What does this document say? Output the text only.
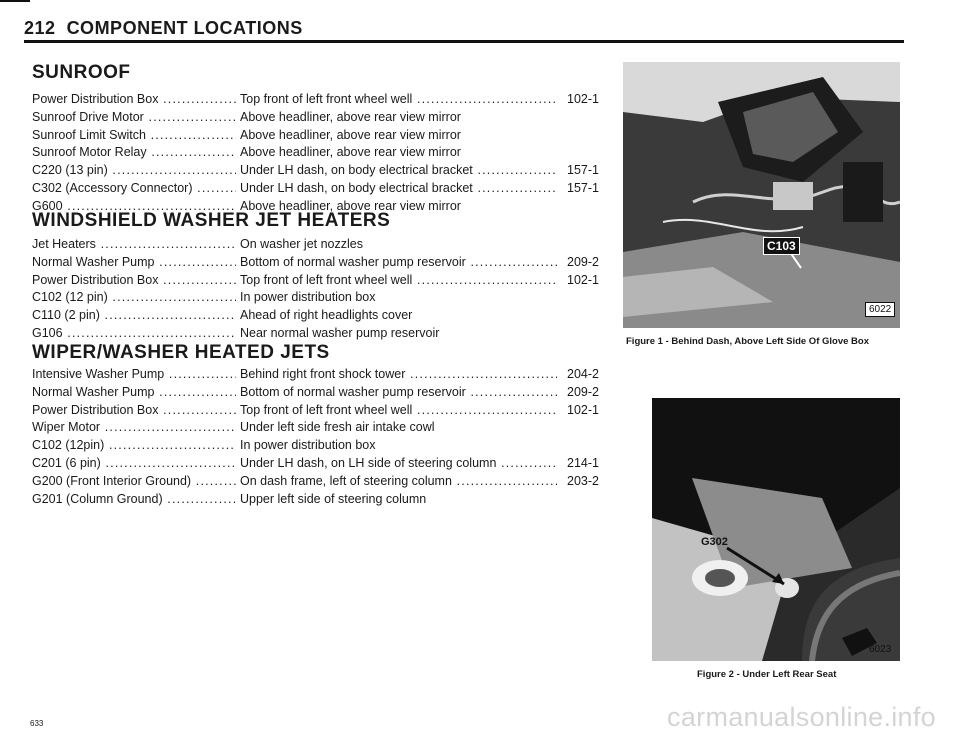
212 COMPONENT LOCATIONS
SUNROOF
Power Distribution Box .....	Top front of left front wheel well .....	102-1
Sunroof Drive Motor .....	Above headliner, above rear view mirror
Sunroof Limit Switch .....	Above headliner, above rear view mirror
Sunroof Motor Relay .....	Above headliner, above rear view mirror
C220 (13 pin) .....	Under LH dash, on body electrical bracket .....	157-1
C302 (Accessory Connector) .....	Under LH dash, on body electrical bracket .....	157-1
G600 .....	Above headliner, above rear view mirror
WINDSHIELD WASHER JET HEATERS
Jet Heaters .....	On washer jet nozzles
Normal Washer Pump .....	Bottom of normal washer pump reservoir .....	209-2
Power Distribution Box .....	Top front of left front wheel well .....	102-1
C102 (12 pin) .....	In power distribution box
C110 (2 pin) .....	Ahead of right headlights cover
G106 .....	Near normal washer pump reservoir
WIPER/WASHER HEATED JETS
Intensive Washer Pump .....	Behind right front shock tower .....	204-2
Normal Washer Pump .....	Bottom of normal washer pump reservoir .....	209-2
Power Distribution Box .....	Top front of left front wheel well .....	102-1
Wiper Motor .....	Under left side fresh air intake cowl
C102 (12pin) .....	In power distribution box
C201 (6 pin) .....	Under LH dash, on LH side of steering column .....	214-1
G200 (Front Interior Ground) .....	On dash frame, left of steering column .....	203-2
G201 (Column Ground) .....	Upper left side of steering column
C103
6022
Figure 1 - Behind Dash, Above Left Side Of Glove Box
G302
6023
Figure 2 - Under Left Rear Seat
633	carmanualsonline.info
